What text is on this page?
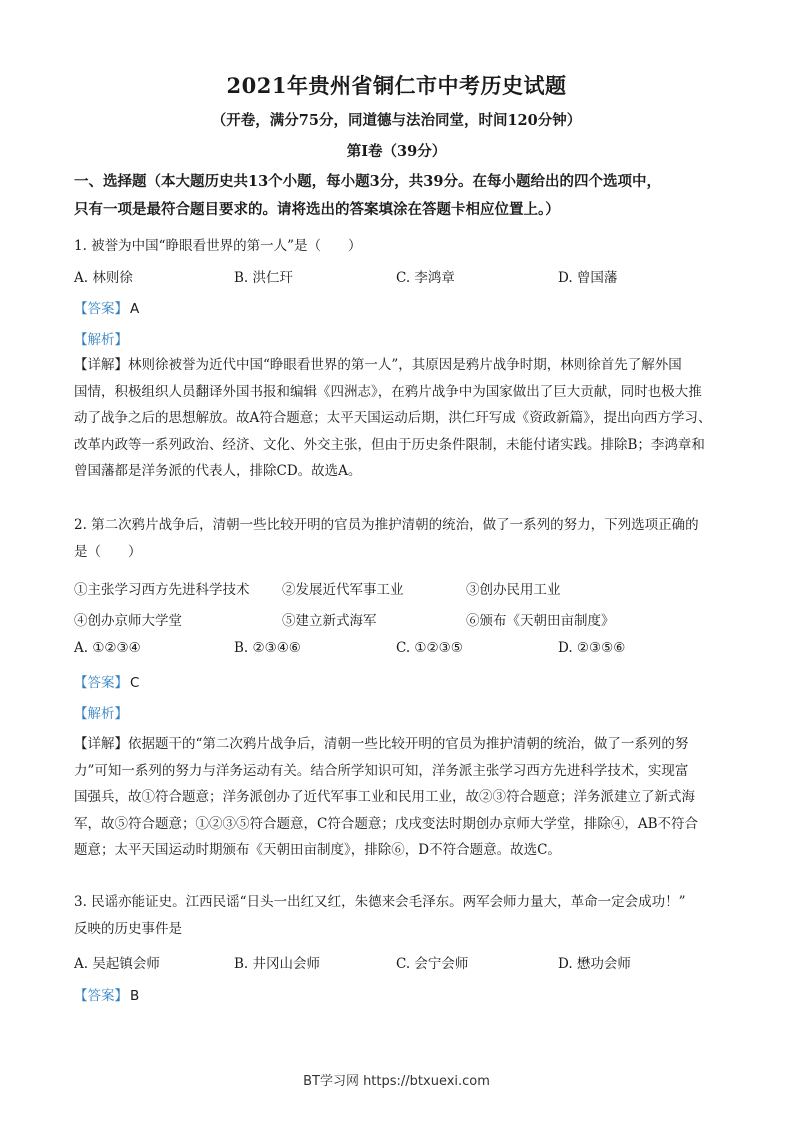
2021年贵州省铜仁市中考历史试题
（开卷，满分75分，同道德与法治同堂，时间120分钟）
第Ⅰ卷（39分）
一、选择题（本大题历史共13个小题，每小题3分，共39分。在每小题给出的四个选项中，
只有一项是最符合题目要求的。请将选出的答案填涂在答题卡相应位置上。）
1. 被誉为中国“睁眼看世界的第一人”是（　　）
A. 林则徐	B. 洪仁玕	C. 李鸿章	D. 曾国藩
【答案】 A
【解析】
【详解】林则徐被誉为近代中国“睁眼看世界的第一人”，其原因是鸦片战争时期，林则徐首先了解外国
国情，积极组织人员翻译外国书报和编辑《四洲志》，在鸦片战争中为国家做出了巨大贡献，同时也极大推
动了战争之后的思想解放。故A符合题意；太平天国运动后期，洪仁玕写成《资政新篇》，提出向西方学习、
改革内政等一系列政治、经济、文化、外交主张，但由于历史条件限制，未能付诸实践。排除B；李鸿章和
曾国藩都是洋务派的代表人，排除CD。故选A。
2. 第二次鸦片战争后，清朝一些比较开明的官员为推护清朝的统治，做了一系列的努力，下列选项正确的
是（　　）
①主张学习西方先进科学技术 ②发展近代军事工业	③创办民用工业
④创办京师大学堂	⑤建立新式海军	⑥颁布《天朝田亩制度》
A. ①②③④	B. ②③④⑥	C. ①②③⑤	D. ②③⑤⑥
【答案】 C
【解析】
【详解】依据题干的“第二次鸦片战争后，清朝一些比较开明的官员为推护清朝的统治，做了一系列的努
力”可知一系列的努力与洋务运动有关。结合所学知识可知，洋务派主张学习西方先进科学技术，实现富
国强兵，故①符合题意；洋务派创办了近代军事工业和民用工业，故②③符合题意；洋务派建立了新式海
军，故⑤符合题意；①②③⑤符合题意，C符合题意；戊戌变法时期创办京师大学堂，排除④，AB不符合
题意；太平天国运动时期颁布《天朝田亩制度》，排除⑥，D不符合题意。故选C。
3. 民谣亦能证史。江西民谣“日头一出红又红，朱德来会毛泽东。两军会师力量大，革命一定会成功！”
反映的历史事件是
A. 吴起镇会师	B. 井冈山会师	C. 会宁会师	D. 懋功会师
【答案】 B
BT学习网 https://btxuexi.com
